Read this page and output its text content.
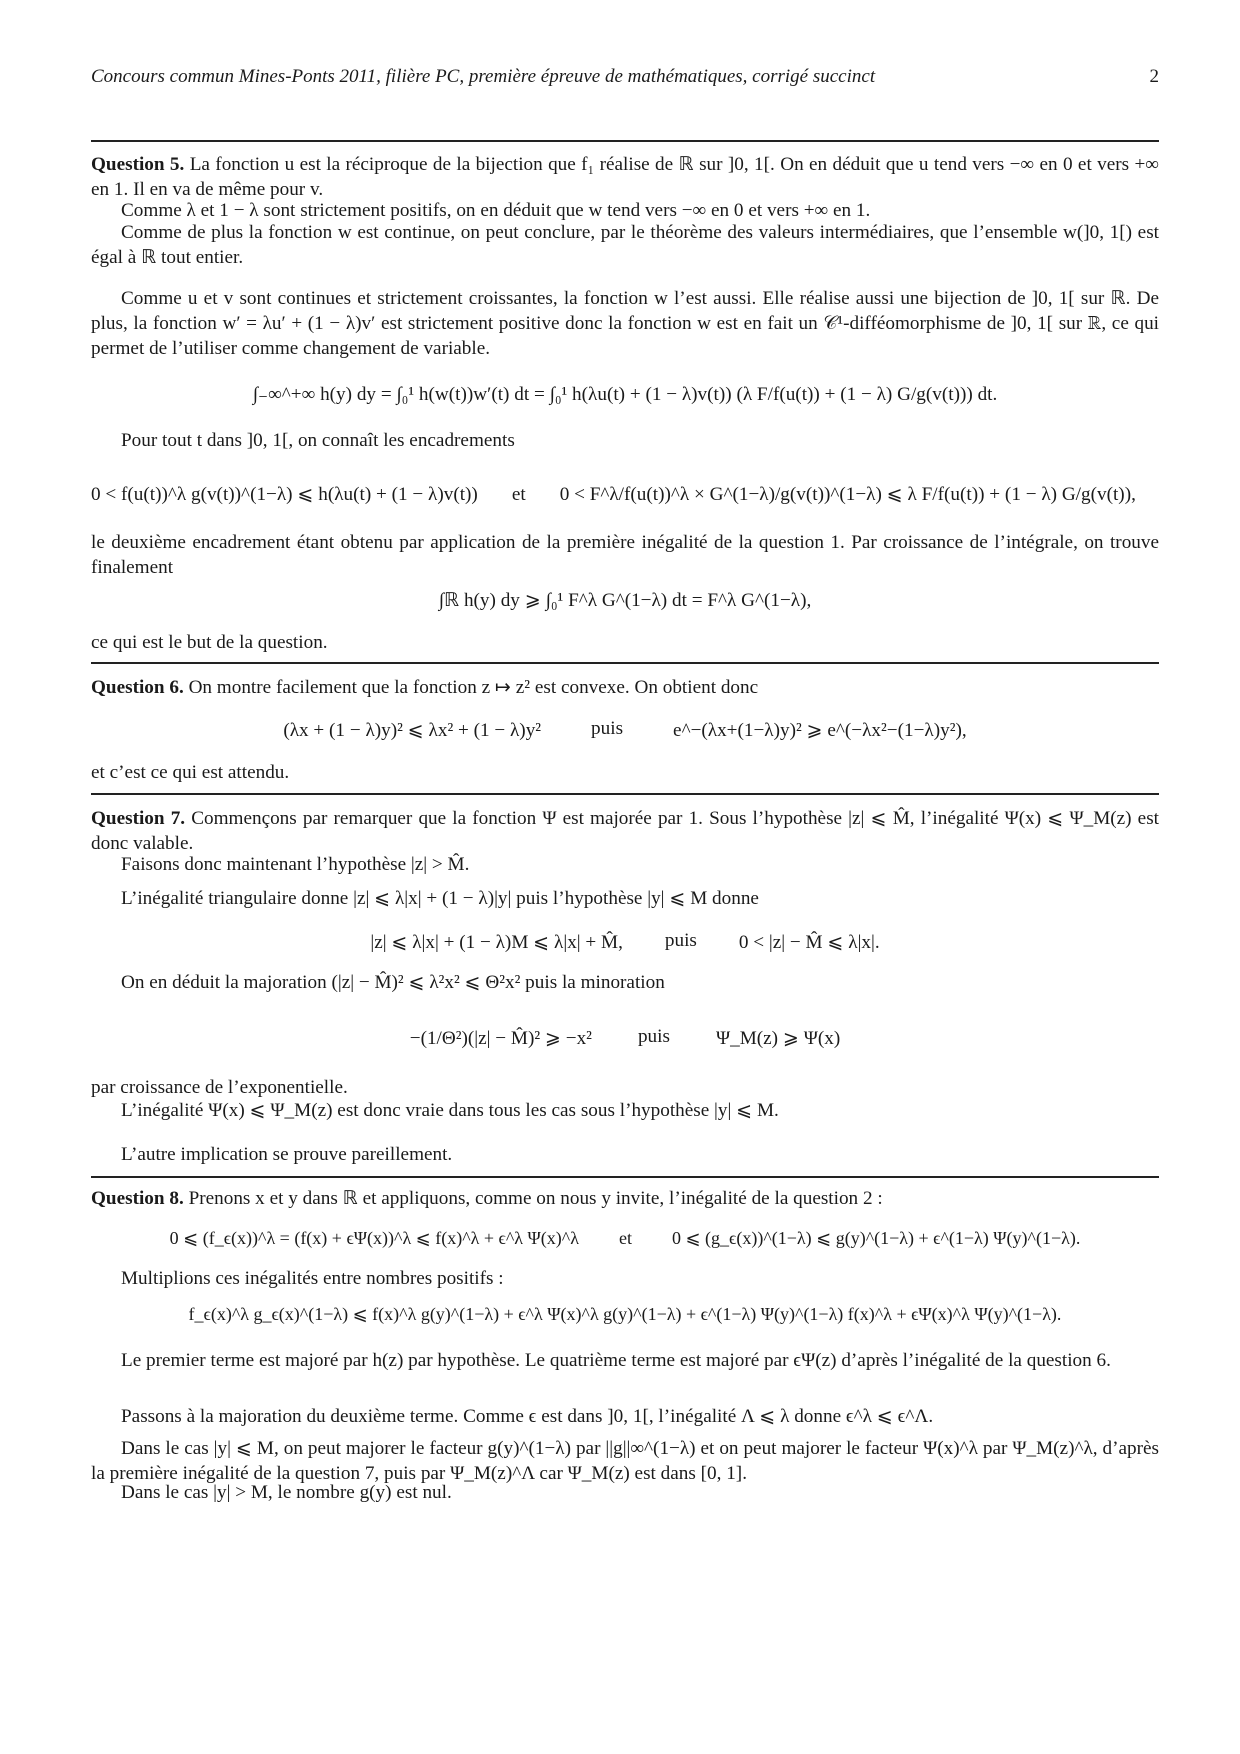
Concours commun Mines-Ponts 2011, filière PC, première épreuve de mathématiques, corrigé succinct	2
Question 5. La fonction u est la réciproque de la bijection que f₁ réalise de ℝ sur ]0, 1[. On en déduit que u tend vers −∞ en 0 et vers +∞ en 1. Il en va de même pour v.
Comme λ et 1 − λ sont strictement positifs, on en déduit que w tend vers −∞ en 0 et vers +∞ en 1.
Comme de plus la fonction w est continue, on peut conclure, par le théorème des valeurs intermédiaires, que l’ensemble w(]0, 1[) est égal à ℝ tout entier.
Comme u et v sont continues et strictement croissantes, la fonction w l’est aussi. Elle réalise aussi une bijection de ]0, 1[ sur ℝ. De plus, la fonction w′ = λu′ + (1 − λ)v′ est strictement positive donc la fonction w est en fait un 𝒞¹-difféomorphisme de ]0, 1[ sur ℝ, ce qui permet de l’utiliser comme changement de variable.
∫₋∞^+∞ h(y) dy = ∫₀¹ h(w(t))w′(t) dt = ∫₀¹ h(λu(t) + (1 − λ)v(t)) (λ F/f(u(t)) + (1 − λ) G/g(v(t))) dt.
Pour tout t dans ]0, 1[, on connaît les encadrements
0 < f(u(t))^λ g(v(t))^(1−λ) ⩽ h(λu(t) + (1 − λ)v(t)) et 0 < F^λ/f(u(t))^λ × G^(1−λ)/g(v(t))^(1−λ) ⩽ λ F/f(u(t)) + (1 − λ) G/g(v(t)),
le deuxième encadrement étant obtenu par application de la première inégalité de la question 1. Par croissance de l’intégrale, on trouve finalement
∫ℝ h(y) dy ⩾ ∫₀¹ F^λ G^(1−λ) dt = F^λ G^(1−λ),
ce qui est le but de la question.
Question 6. On montre facilement que la fonction z ↦ z² est convexe. On obtient donc
(λx + (1 − λ)y)² ⩽ λx² + (1 − λ)y²	puis	e^−(λx+(1−λ)y)² ⩾ e^(−λx²−(1−λ)y²),
et c’est ce qui est attendu.
Question 7. Commençons par remarquer que la fonction Ψ est majorée par 1. Sous l’hypothèse |z| ⩽ M̂, l’inégalité Ψ(x) ⩽ Ψ_M(z) est donc valable.
Faisons donc maintenant l’hypothèse |z| > M̂.
L’inégalité triangulaire donne |z| ⩽ λ|x| + (1 − λ)|y| puis l’hypothèse |y| ⩽ M donne
|z| ⩽ λ|x| + (1 − λ)M ⩽ λ|x| + M̂, puis 0 < |z| − M̂ ⩽ λ|x|.
On en déduit la majoration (|z| − M̂)² ⩽ λ²x² ⩽ Θ²x² puis la minoration
−(1/Θ²)(|z| − M̂)² ⩾ −x² puis Ψ_M(z) ⩾ Ψ(x)
par croissance de l’exponentielle.
L’inégalité Ψ(x) ⩽ Ψ_M(z) est donc vraie dans tous les cas sous l’hypothèse |y| ⩽ M.
L’autre implication se prouve pareillement.
Question 8. Prenons x et y dans ℝ et appliquons, comme on nous y invite, l’inégalité de la question 2 :
0 ⩽ (f_ϵ(x))^λ = (f(x) + ϵΨ(x))^λ ⩽ f(x)^λ + ϵ^λ Ψ(x)^λ et 0 ⩽ (g_ϵ(x))^(1−λ) ⩽ g(y)^(1−λ) + ϵ^(1−λ) Ψ(y)^(1−λ).
Multiplions ces inégalités entre nombres positifs :
f_ϵ(x)^λ g_ϵ(x)^(1−λ) ⩽ f(x)^λ g(y)^(1−λ) + ϵ^λ Ψ(x)^λ g(y)^(1−λ) + ϵ^(1−λ) Ψ(y)^(1−λ) f(x)^λ + ϵΨ(x)^λ Ψ(y)^(1−λ).
Le premier terme est majoré par h(z) par hypothèse. Le quatrième terme est majoré par ϵΨ(z) d’après l’inégalité de la question 6.
Passons à la majoration du deuxième terme. Comme ϵ est dans ]0, 1[, l’inégalité Λ ⩽ λ donne ϵ^λ ⩽ ϵ^Λ.
Dans le cas |y| ⩽ M, on peut majorer le facteur g(y)^(1−λ) par ||g||∞^(1−λ) et on peut majorer le facteur Ψ(x)^λ par Ψ_M(z)^λ, d’après la première inégalité de la question 7, puis par Ψ_M(z)^Λ car Ψ_M(z) est dans [0, 1].
Dans le cas |y| > M, le nombre g(y) est nul.
